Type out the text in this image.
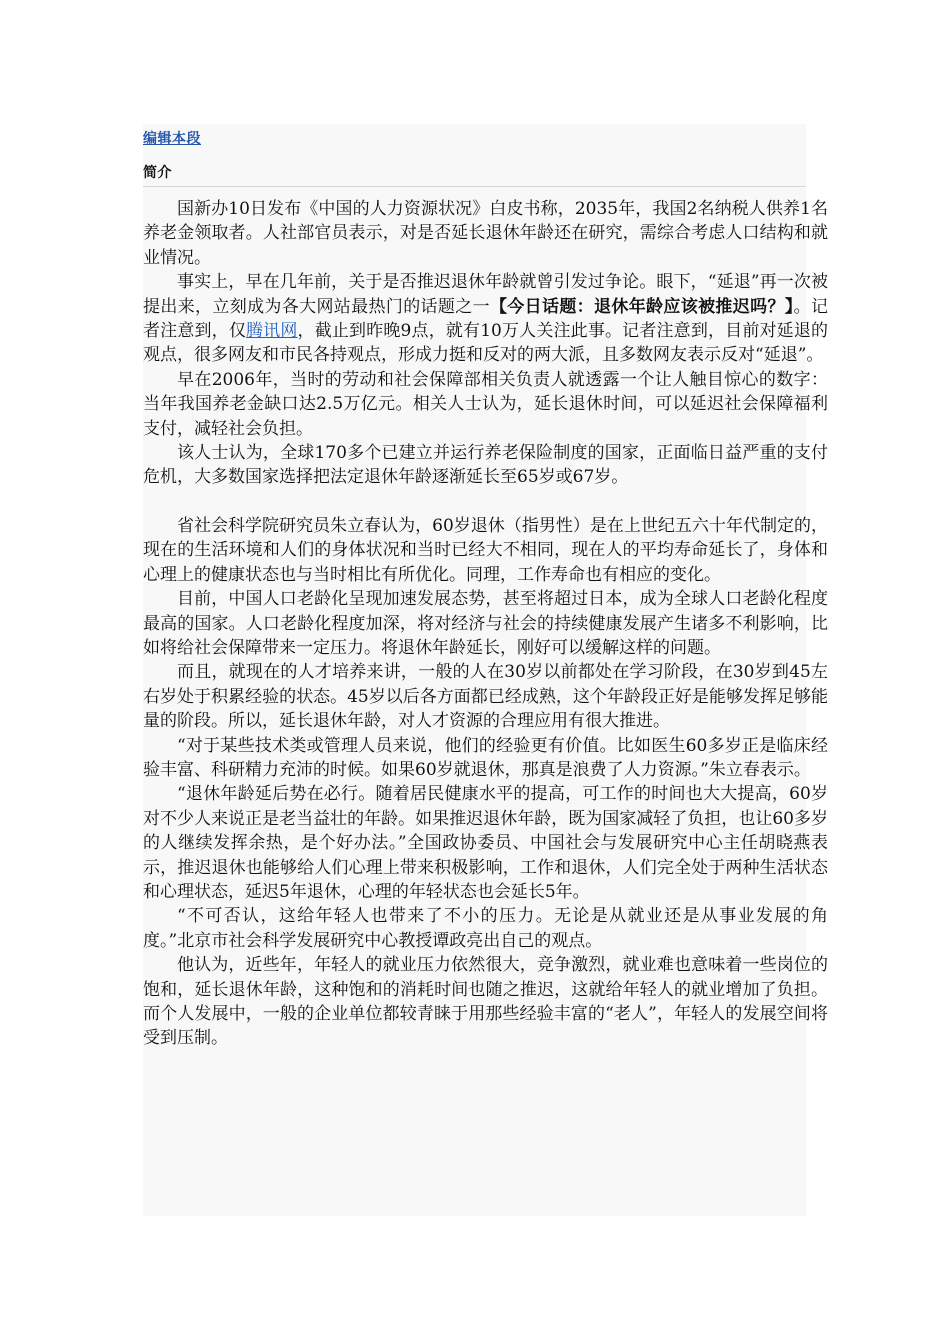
编辑本段
简介

国新办10日发布《中国的人力资源状况》白皮书称，2035年，我国2名纳税人供养1名养老金领取者。人社部官员表示，对是否延长退休年龄还在研究，需综合考虑人口结构和就业情况。

事实上，早在几年前，关于是否推迟退休年龄就曾引发过争论。眼下，“延退”再一次被提出来，立刻成为各大网站最热门的话题之一【今日话题：退休年龄应该被推迟吗？】。记者注意到，仅腾讯网，截止到昨晚9点，就有10万人关注此事。记者注意到，目前对延退的观点，很多网友和市民各持观点，形成力挺和反对的两大派，且多数网友表示反对“延退”。

早在2006年，当时的劳动和社会保障部相关负责人就透露一个让人触目惊心的数字：当年我国养老金缺口达2.5万亿元。相关人士认为，延长退休时间，可以延迟社会保障福利支付，减轻社会负担。

该人士认为，全球170多个已建立并运行养老保险制度的国家，正面临日益严重的支付危机，大多数国家选择把法定退休年龄逐渐延长至65岁或67岁。

省社会科学院研究员朱立春认为，60岁退休（指男性）是在上世纪五六十年代制定的，现在的生活环境和人们的身体状况和当时已经大不相同，现在人的平均寿命延长了，身体和心理上的健康状态也与当时相比有所优化。同理，工作寿命也有相应的变化。

目前，中国人口老龄化呈现加速发展态势，甚至将超过日本，成为全球人口老龄化程度最高的国家。人口老龄化程度加深，将对经济与社会的持续健康发展产生诸多不利影响，比如将给社会保障带来一定压力。将退休年龄延长，刚好可以缓解这样的问题。

而且，就现在的人才培养来讲，一般的人在30岁以前都处在学习阶段，在30岁到45左右岁处于积累经验的状态。45岁以后各方面都已经成熟，这个年龄段正好是能够发挥足够能量的阶段。所以，延长退休年龄，对人才资源的合理应用有很大推进。

“对于某些技术类或管理人员来说，他们的经验更有价值。比如医生60多岁正是临床经验丰富、科研精力充沛的时候。如果60岁就退休，那真是浪费了人力资源。”朱立春表示。

“退休年龄延后势在必行。随着居民健康水平的提高，可工作的时间也大大提高，60岁对不少人来说正是老当益壮的年龄。如果推迟退休年龄，既为国家减轻了负担，也让60多岁的人继续发挥余热，是个好办法。”全国政协委员、中国社会与发展研究中心主任胡晓燕表示，推迟退休也能够给人们心理上带来积极影响，工作和退休，人们完全处于两种生活状态和心理状态，延迟5年退休，心理的年轻状态也会延长5年。

“不可否认，这给年轻人也带来了不小的压力。无论是从就业还是从事业发展的角度。”北京市社会科学发展研究中心教授谭政亮出自己的观点。

他认为，近些年，年轻人的就业压力依然很大，竞争激烈，就业难也意味着一些岗位的饱和，延长退休年龄，这种饱和的消耗时间也随之推迟，这就给年轻人的就业增加了负担。而个人发展中，一般的企业单位都较青睐于用那些经验丰富的“老人”，年轻人的发展空间将受到压制。
